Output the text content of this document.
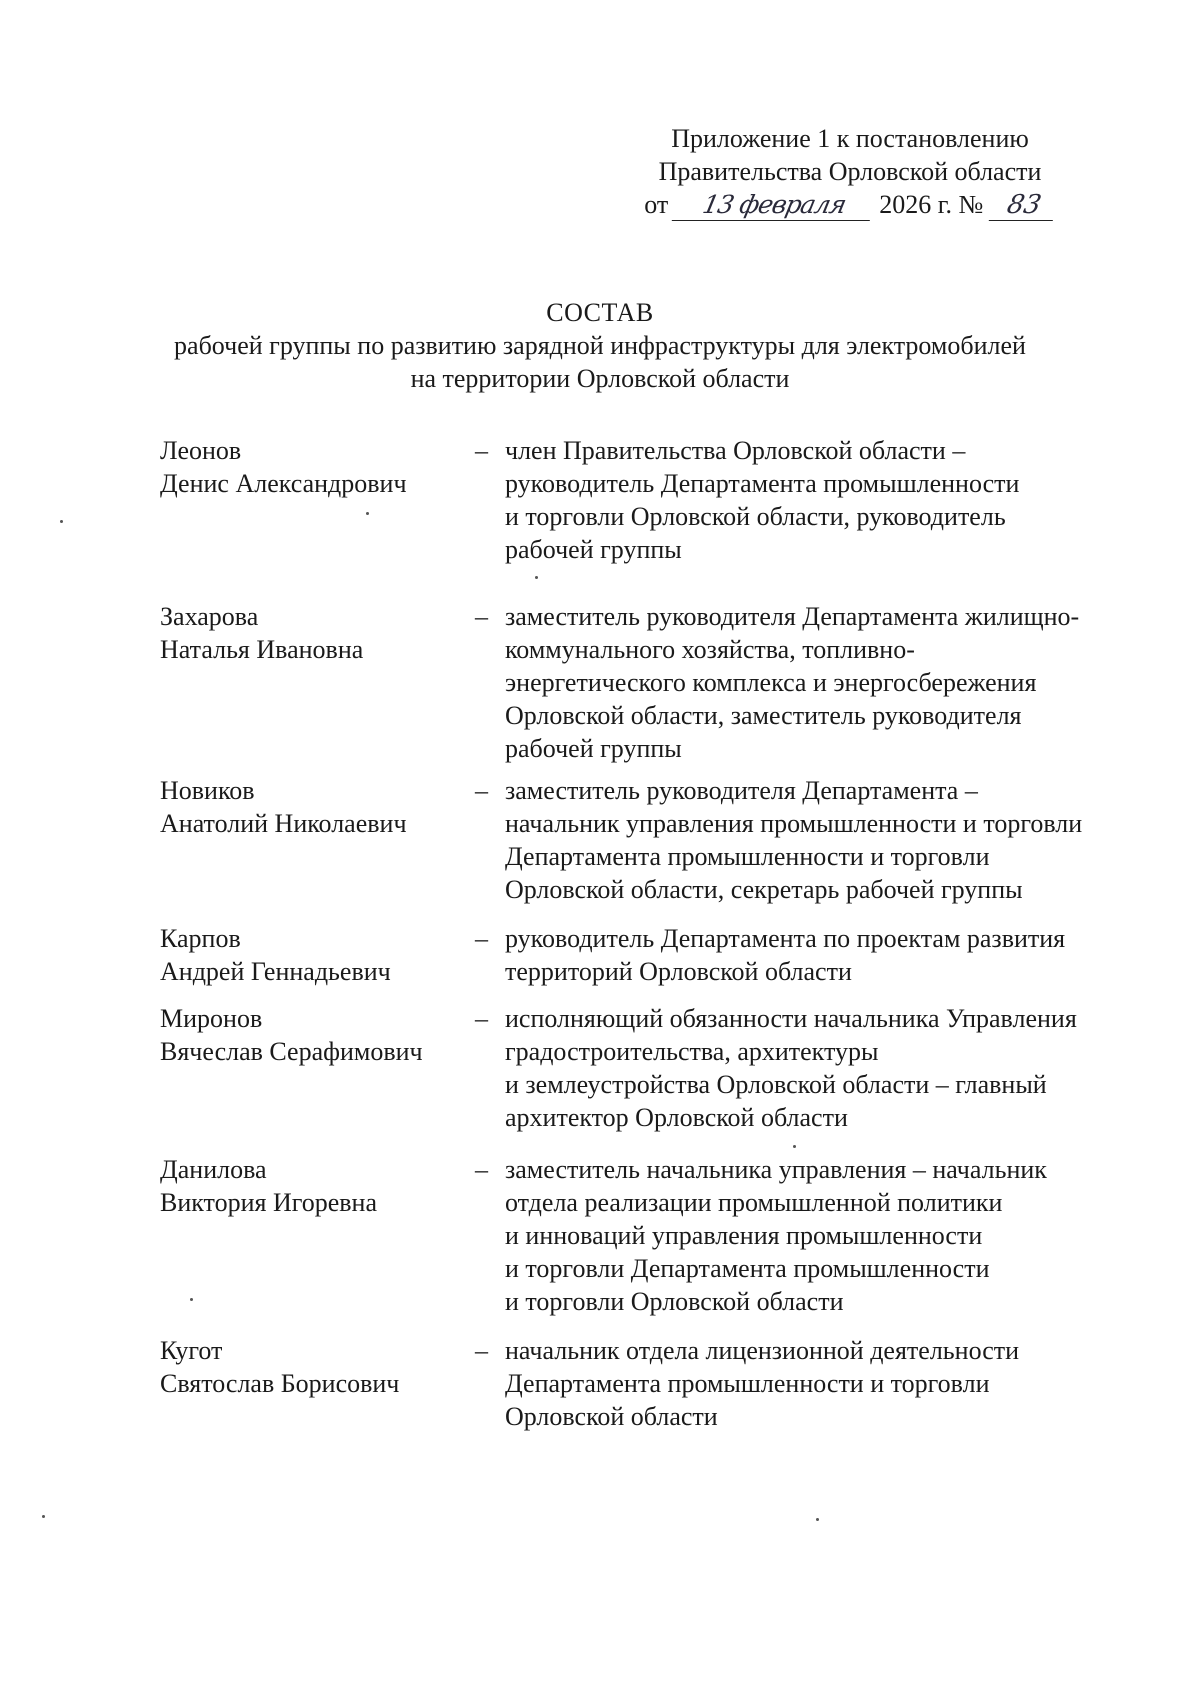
Приложение 1 к постановлению
Правительства Орловской области
от 13 февраля 2026 г. № 83
СОСТАВ
рабочей группы по развитию зарядной инфраструктуры для электромобилей
на территории Орловской области
Леонов
Денис Александрович
– член Правительства Орловской области –
руководитель Департамента промышленности
и торговли Орловской области, руководитель
рабочей группы
Захарова
Наталья Ивановна
– заместитель руководителя Департамента жилищно-
коммунального хозяйства, топливно-
энергетического комплекса и энергосбережения
Орловской области, заместитель руководителя
рабочей группы
Новиков
Анатолий Николаевич
– заместитель руководителя Департамента –
начальник управления промышленности и торговли
Департамента промышленности и торговли
Орловской области, секретарь рабочей группы
Карпов
Андрей Геннадьевич
– руководитель Департамента по проектам развития
территорий Орловской области
Миронов
Вячеслав Серафимович
– исполняющий обязанности начальника Управления
градостроительства, архитектуры
и землеустройства Орловской области – главный
архитектор Орловской области
Данилова
Виктория Игоревна
– заместитель начальника управления – начальник
отдела реализации промышленной политики
и инноваций управления промышленности
и торговли Департамента промышленности
и торговли Орловской области
Кугот
Святослав Борисович
– начальник отдела лицензионной деятельности
Департамента промышленности и торговли
Орловской области
